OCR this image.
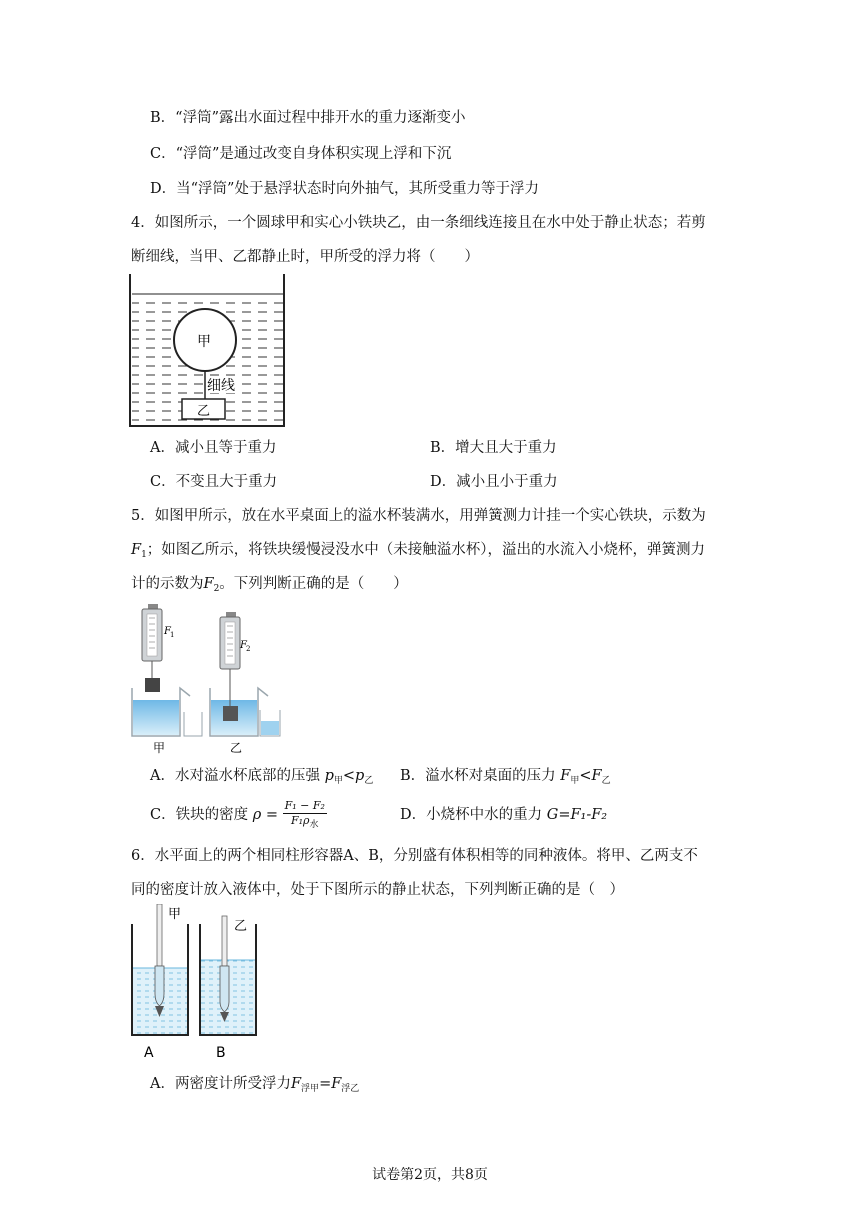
B．“浮筒”露出水面过程中排开水的重力逐渐变小
C．“浮筒”是通过改变自身体积实现上浮和下沉
D．当“浮筒”处于悬浮状态时向外抽气，其所受重力等于浮力
4．如图所示，一个圆球甲和实心小铁块乙，由一条细线连接且在水中处于静止状态；若剪
断细线，当甲、乙都静止时，甲所受的浮力将（　　）
甲
细线
乙
A．减小且等于重力	B．增大且大于重力
C．不变且大于重力	D．减小且小于重力
5．如图甲所示，放在水平桌面上的溢水杯装满水，用弹簧测力计挂一个实心铁块，示数为
$F_1$；如图乙所示，将铁块缓慢浸没水中（未接触溢水杯），溢出的水流入小烧杯，弹簧测力
计的示数为$F_2$。下列判断正确的是（　　）
F 1
F 2
甲	乙
A．水对溢水杯底部的压强 $p_甲<p_乙$ B．溢水杯对桌面的压力 $F_甲<F_乙$
C．铁块的密度 $\rho = \frac{\text{F₁ − F₂}}{F_1\rho_水}$	D．小烧杯中水的重力 G=F₁-F₂
6．水平面上的两个相同柱形容器A、B，分别盛有体积相等的同种液体。将甲、乙两支不
同的密度计放入液体中，处于下图所示的静止状态，下列判断正确的是（　）
甲
乙
A	B
A．两密度计所受浮力$F_{浮甲}=F_{浮乙}$
试卷第2页，共8页
